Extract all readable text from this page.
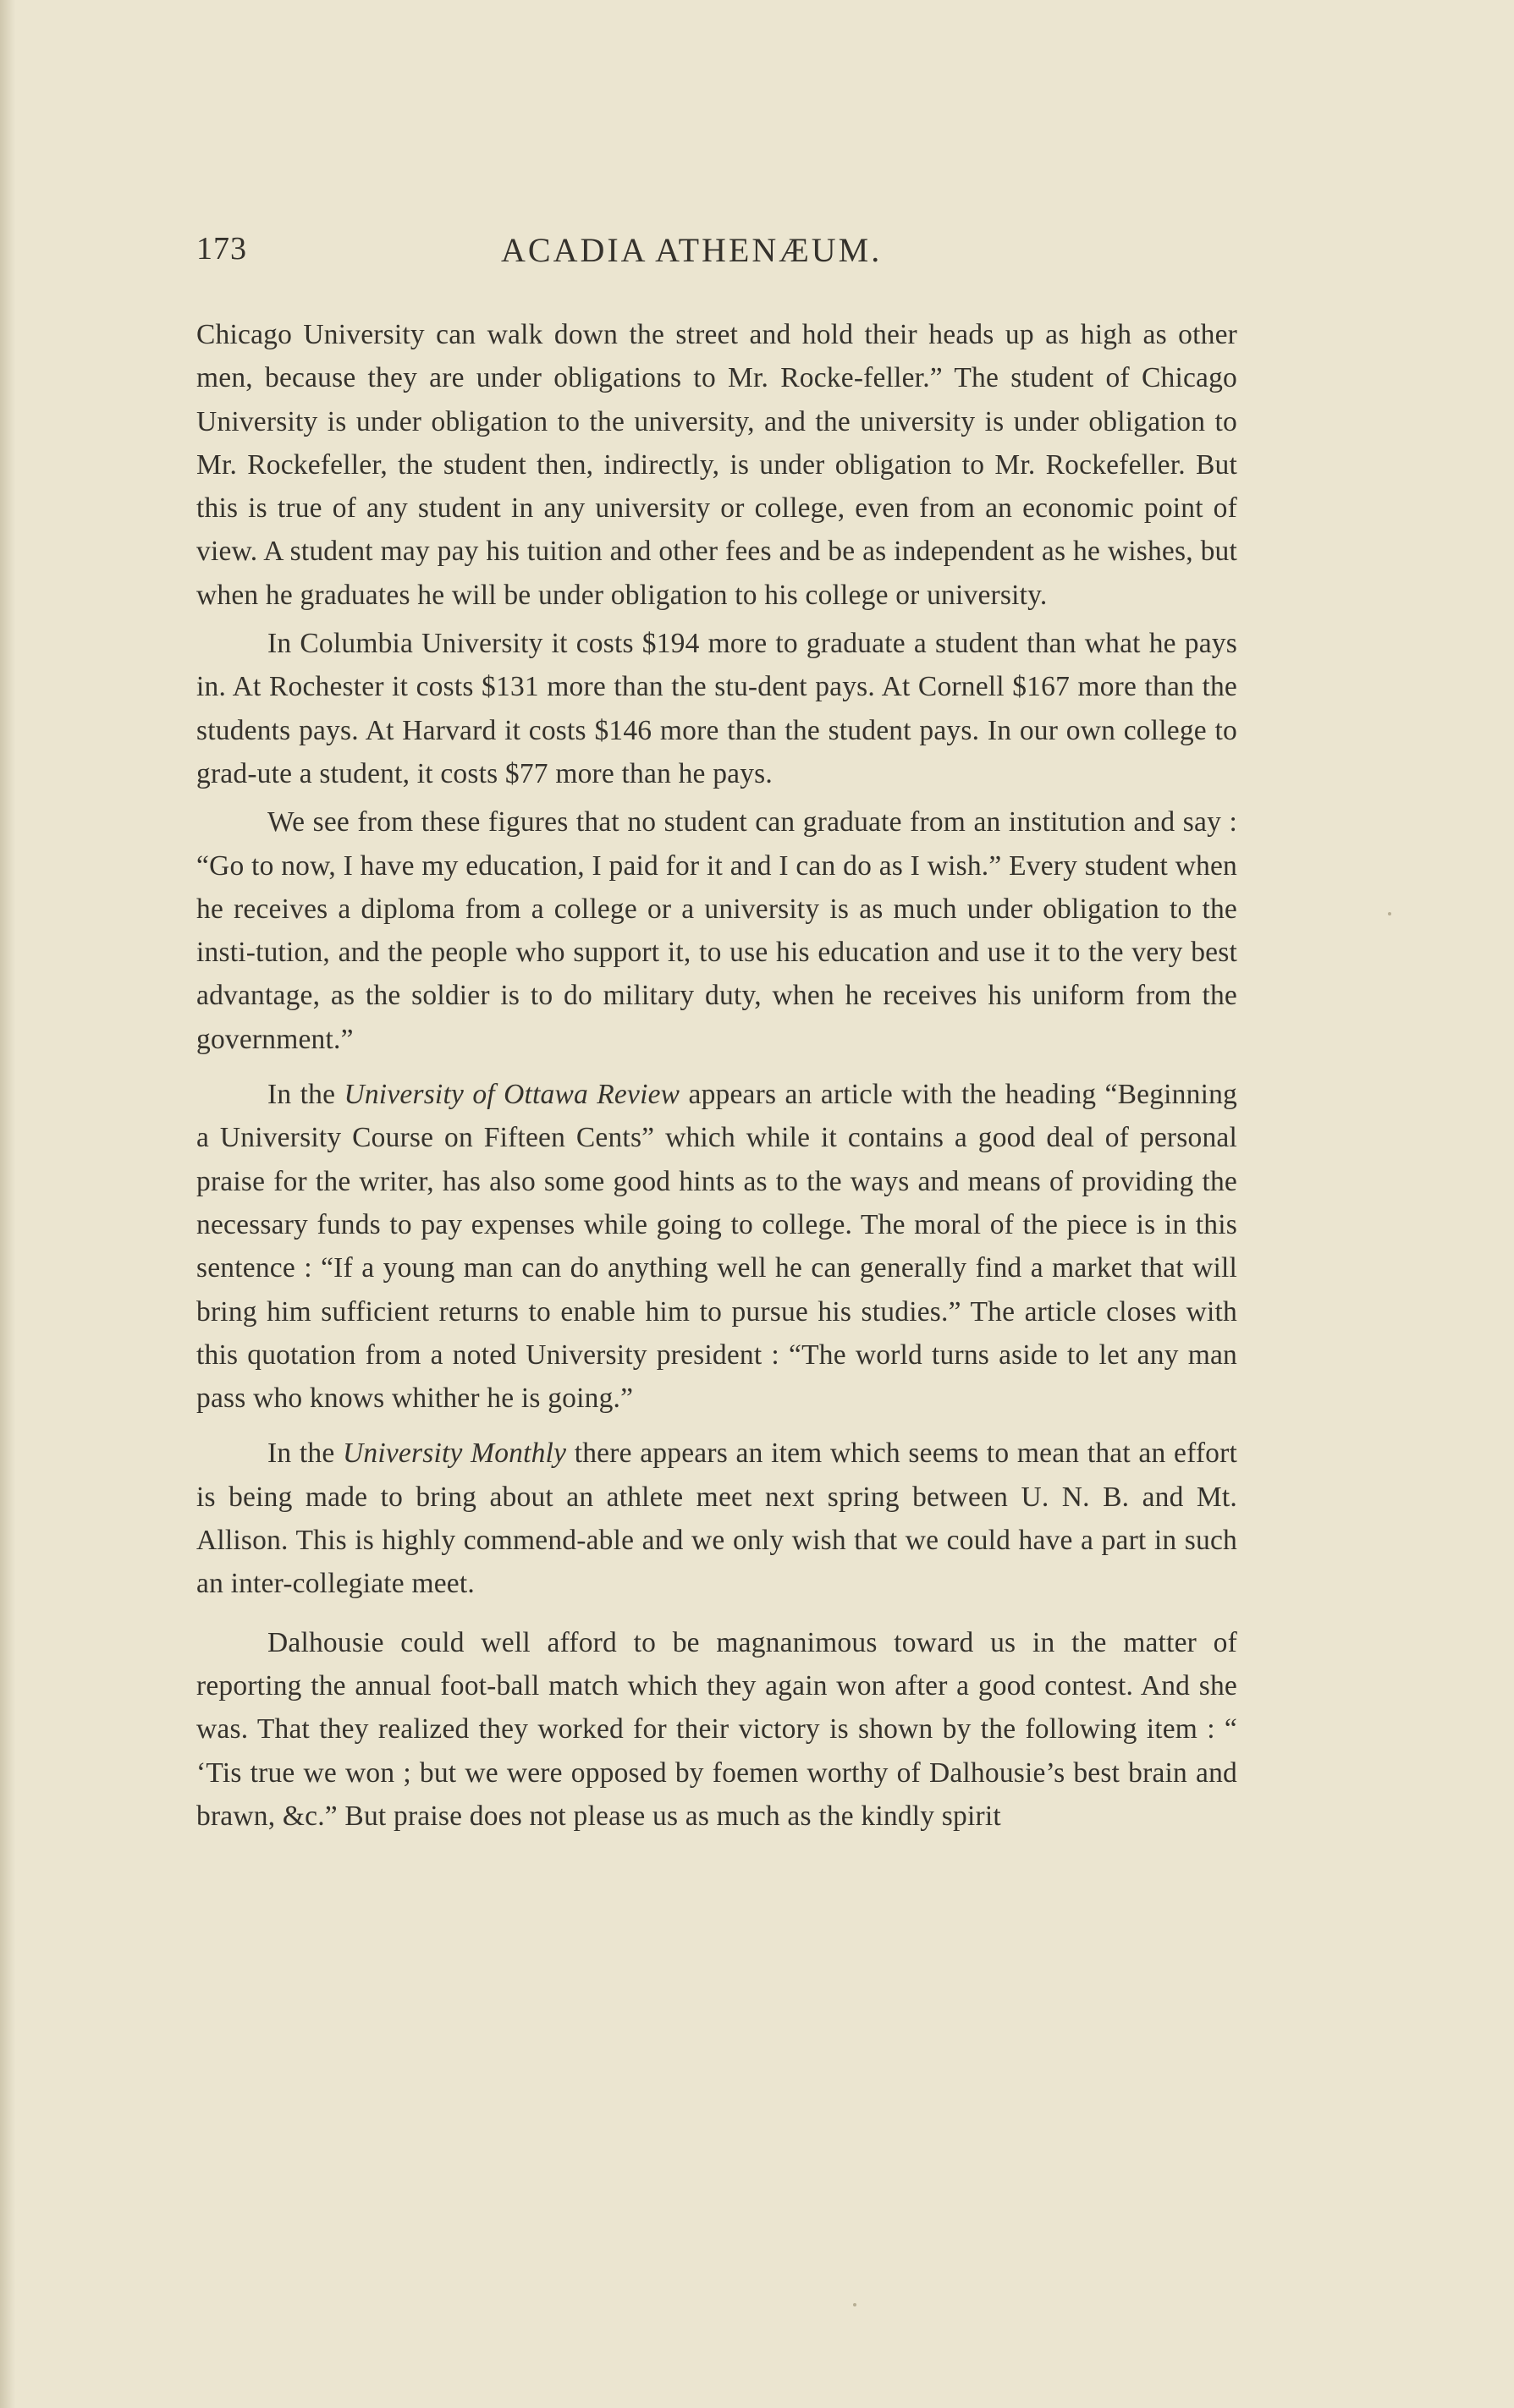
173	ACADIA ATHENÆUM.

Chicago University can walk down the street and hold their heads up as high as other men, because they are under obligations to Mr. Rocke-feller.” The student of Chicago University is under obligation to the university, and the university is under obligation to Mr. Rockefeller, the student then, indirectly, is under obligation to Mr. Rockefeller. But this is true of any student in any university or college, even from an economic point of view. A student may pay his tuition and other fees and be as independent as he wishes, but when he graduates he will be under obligation to his college or university.

In Columbia University it costs $194 more to graduate a student than what he pays in. At Rochester it costs $131 more than the stu-dent pays. At Cornell $167 more than the students pays. At Harvard it costs $146 more than the student pays. In our own college to grad-ute a student, it costs $77 more than he pays.

We see from these figures that no student can graduate from an institution and say : “Go to now, I have my education, I paid for it and I can do as I wish.” Every student when he receives a diploma from a college or a university is as much under obligation to the insti-tution, and the people who support it, to use his education and use it to the very best advantage, as the soldier is to do military duty, when he receives his uniform from the government.”

In the University of Ottawa Review appears an article with the heading “Beginning a University Course on Fifteen Cents” which while it contains a good deal of personal praise for the writer, has also some good hints as to the ways and means of providing the necessary funds to pay expenses while going to college. The moral of the piece is in this sentence : “If a young man can do anything well he can generally find a market that will bring him sufficient returns to enable him to pursue his studies.” The article closes with this quotation from a noted University president : “The world turns aside to let any man pass who knows whither he is going.”

In the University Monthly there appears an item which seems to mean that an effort is being made to bring about an athlete meet next spring between U. N. B. and Mt. Allison. This is highly commend-able and we only wish that we could have a part in such an inter-collegiate meet.

Dalhousie could well afford to be magnanimous toward us in the matter of reporting the annual foot-ball match which they again won after a good contest. And she was. That they realized they worked for their victory is shown by the following item : “ ‘Tis true we won ; but we were opposed by foemen worthy of Dalhousie’s best brain and brawn, &c.” But praise does not please us as much as the kindly spirit
